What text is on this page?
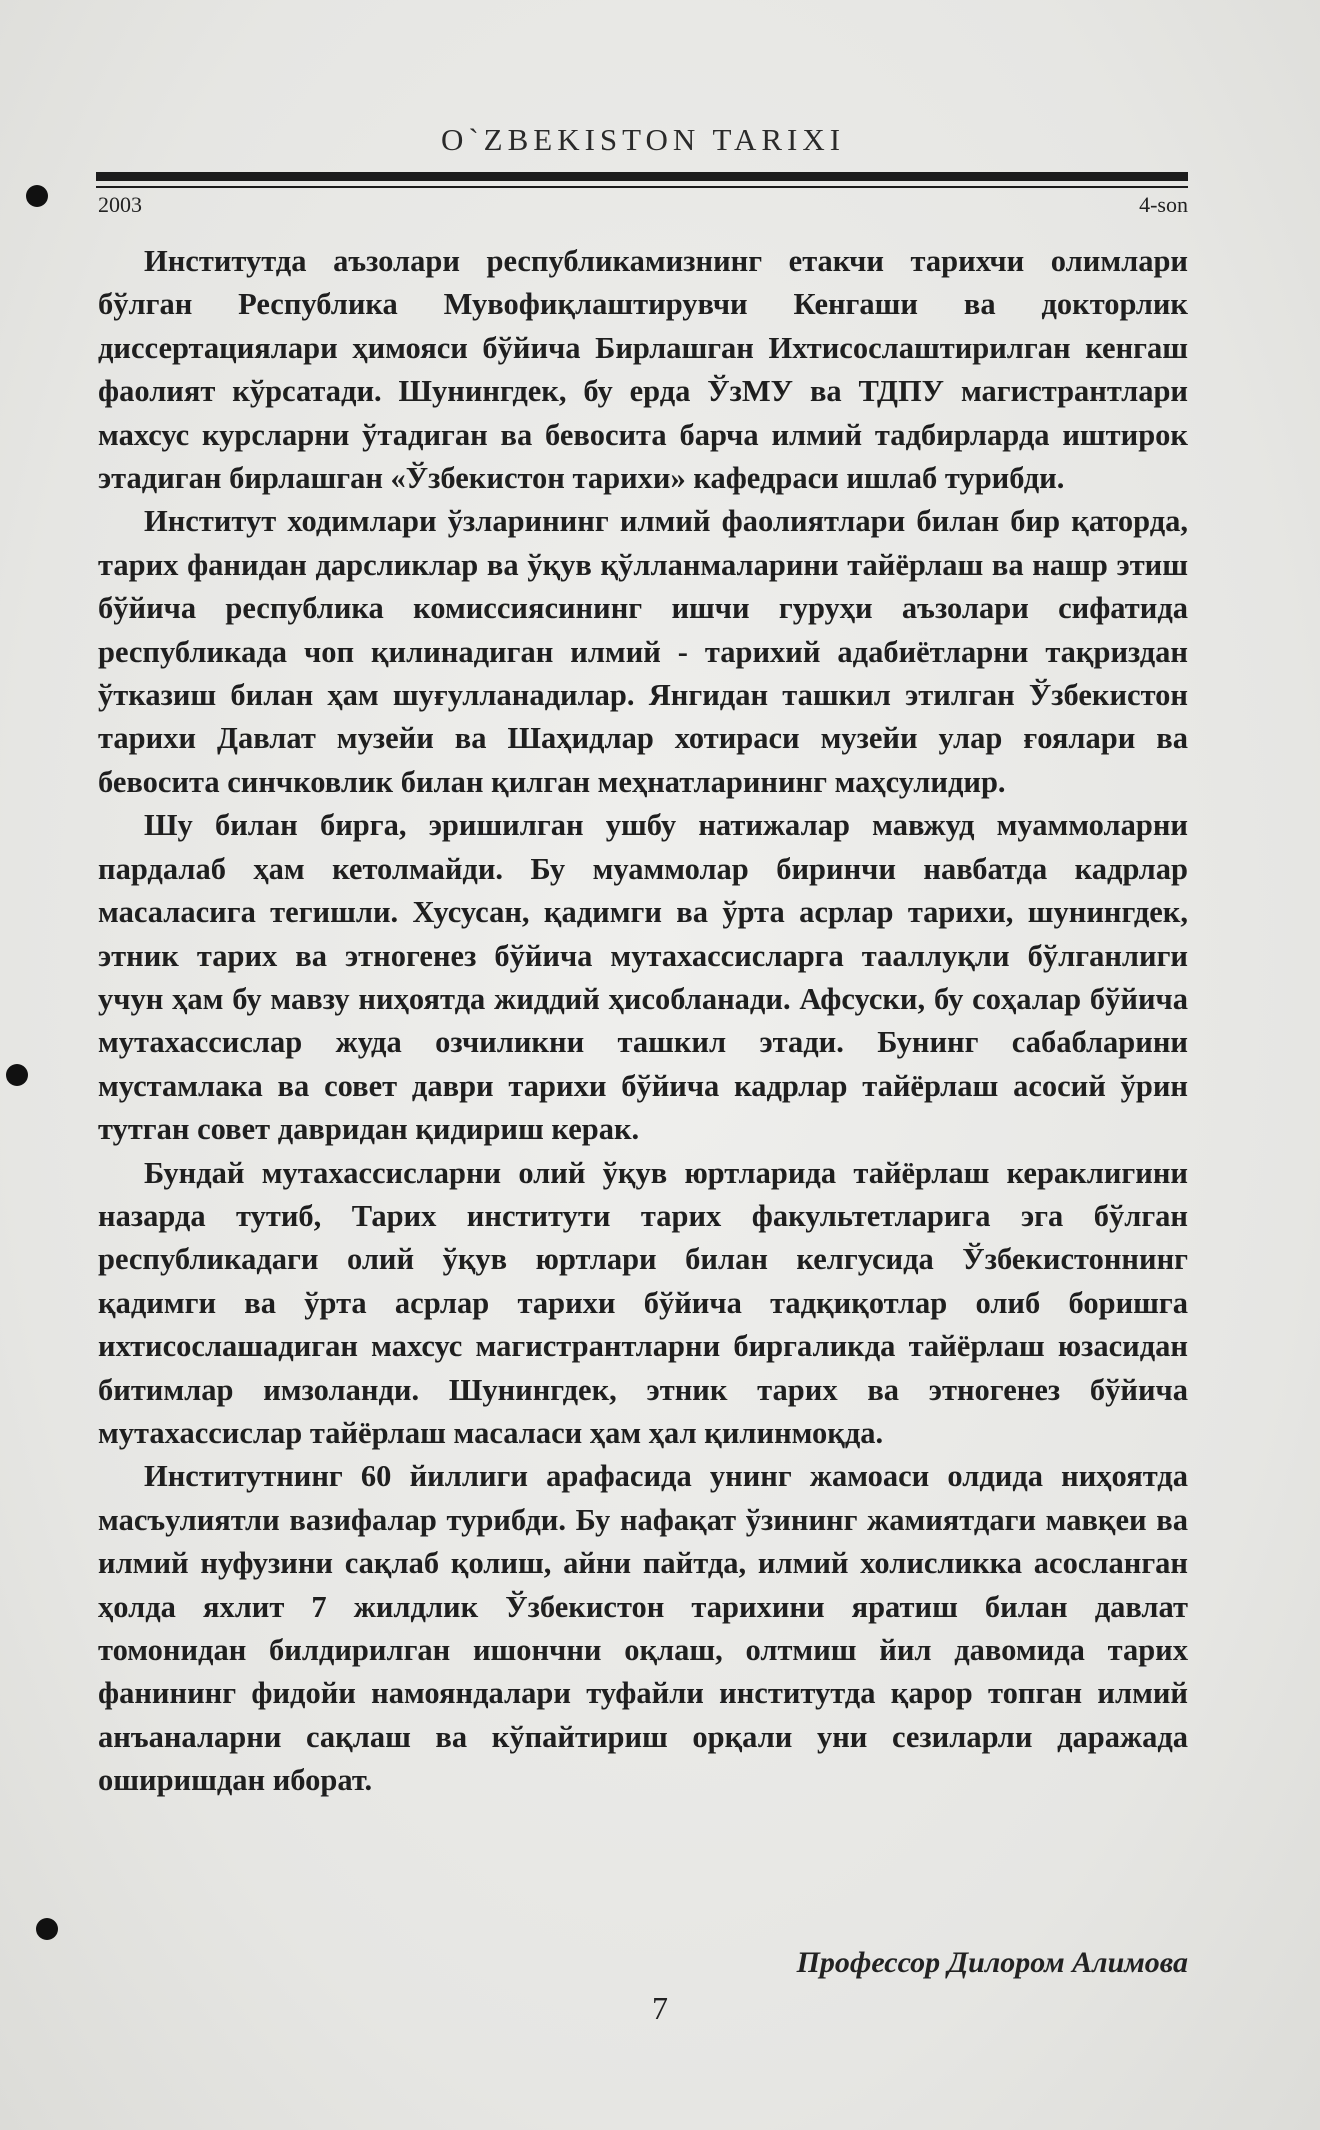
O`ZBEKISTON TARIXI
2003	4-son

Институтда аъзолари республикамизнинг етакчи тарихчи олимлари бўлган Республика Мувофиқлаштирувчи Кенгаши ва докторлик диссертациялари ҳимояси бўйича Бирлашган Ихтисослаштирилган кенгаш фаолият кўрсатади. Шунингдек, бу ерда ЎзМУ ва ТДПУ магистрантлари махсус курсларни ўтадиган ва бевосита барча илмий тадбирларда иштирок этадиган бирлашган «Ўзбекистон тарихи» кафедраси ишлаб турибди.

Институт ходимлари ўзларининг илмий фаолиятлари билан бир қаторда, тарих фанидан дарсликлар ва ўқув қўлланмаларини тайёрлаш ва нашр этиш бўйича республика комиссиясининг ишчи гуруҳи аъзолари сифатида республикада чоп қилинадиган илмий - тарихий адабиётларни тақриздан ўтказиш билан ҳам шуғулланадилар. Янгидан ташкил этилган Ўзбекистон тарихи Давлат музейи ва Шаҳидлар хотираси музейи улар ғоялари ва бевосита синчковлик билан қилган меҳнатларининг маҳсулидир.

Шу билан бирга, эришилган ушбу натижалар мавжуд муаммоларни пардалаб ҳам кетолмайди. Бу муаммолар биринчи навбатда кадрлар масаласига тегишли. Хусусан, қадимги ва ўрта асрлар тарихи, шунингдек, этник тарих ва этногенез бўйича мутахассисларга тааллуқли бўлганлиги учун ҳам бу мавзу ниҳоятда жиддий ҳисобланади. Афсуски, бу соҳалар бўйича мутахассислар жуда озчиликни ташкил этади. Бунинг сабабларини мустамлака ва совет даври тарихи бўйича кадрлар тайёрлаш асосий ўрин тутган совет давридан қидириш керак.

Бундай мутахассисларни олий ўқув юртларида тайёрлаш кераклигини назарда тутиб, Тарих институти тарих факультетларига эга бўлган республикадаги олий ўқув юртлари билан келгусида Ўзбекистоннинг қадимги ва ўрта асрлар тарихи бўйича тадқиқотлар олиб боришга ихтисослашадиган махсус магистрантларни биргаликда тайёрлаш юзасидан битимлар имзоланди. Шунингдек, этник тарих ва этногенез бўйича мутахассислар тайёрлаш масаласи ҳам ҳал қилинмоқда.

Институтнинг 60 йиллиги арафасида унинг жамоаси олдида ниҳоятда масъулиятли вазифалар турибди. Бу нафақат ўзининг жамиятдаги мавқеи ва илмий нуфузини сақлаб қолиш, айни пайтда, илмий холисликка асосланган ҳолда яхлит 7 жилдлик Ўзбекистон тарихини яратиш билан давлат томонидан билдирилган ишончни оқлаш, олтмиш йил давомида тарих фанининг фидойи намояндалари туфайли институтда қарор топган илмий анъаналарни сақлаш ва кўпайтириш орқали уни сезиларли даражада оширишдан иборат.

Профессор Дилором Алимова
7
